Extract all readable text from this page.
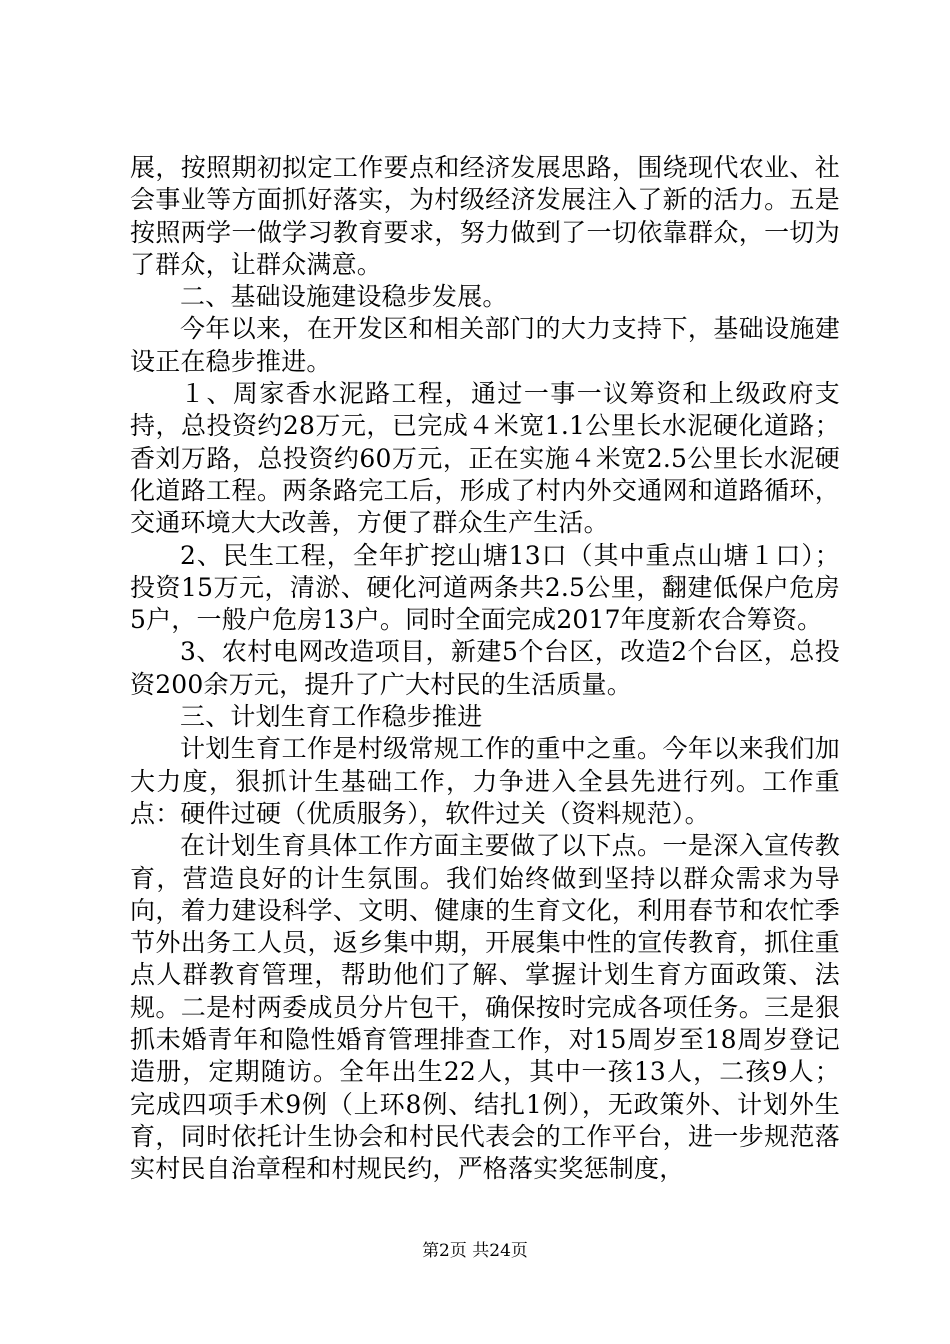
展，按照期初拟定工作要点和经济发展思路，围绕现代农业、社会事业等方面抓好落实，为村级经济发展注入了新的活力。五是按照两学一做学习教育要求，努力做到了一切依靠群众，一切为了群众，让群众满意。

二、基础设施建设稳步发展。

今年以来，在开发区和相关部门的大力支持下，基础设施建设正在稳步推进。

１、周家香水泥路工程，通过一事一议筹资和上级政府支持，总投资约28万元，已完成４米宽1.1公里长水泥硬化道路；香刘万路，总投资约60万元，正在实施４米宽2.5公里长水泥硬化道路工程。两条路完工后，形成了村内外交通网和道路循环，交通环境大大改善，方便了群众生产生活。

2、民生工程，全年扩挖山塘13口（其中重点山塘１口）；投资15万元，清淤、硬化河道两条共2.5公里，翻建低保户危房5户，一般户危房13户。同时全面完成2017年度新农合筹资。

3、农村电网改造项目，新建5个台区，改造2个台区，总投资200余万元，提升了广大村民的生活质量。

三、计划生育工作稳步推进

计划生育工作是村级常规工作的重中之重。今年以来我们加大力度，狠抓计生基础工作，力争进入全县先进行列。工作重点：硬件过硬（优质服务），软件过关（资料规范）。

在计划生育具体工作方面主要做了以下点。一是深入宣传教育，营造良好的计生氛围。我们始终做到坚持以群众需求为导向，着力建设科学、文明、健康的生育文化，利用春节和农忙季节外出务工人员，返乡集中期，开展集中性的宣传教育，抓住重点人群教育管理，帮助他们了解、掌握计划生育方面政策、法规。二是村两委成员分片包干，确保按时完成各项任务。三是狠抓未婚青年和隐性婚育管理排查工作，对15周岁至18周岁登记造册，定期随访。全年出生22人，其中一孩13人，二孩9人；完成四项手术9例（上环8例、结扎1例），无政策外、计划外生育，同时依托计生协会和村民代表会的工作平台，进一步规范落实村民自治章程和村规民约，严格落实奖惩制度，

第2页 共24页
